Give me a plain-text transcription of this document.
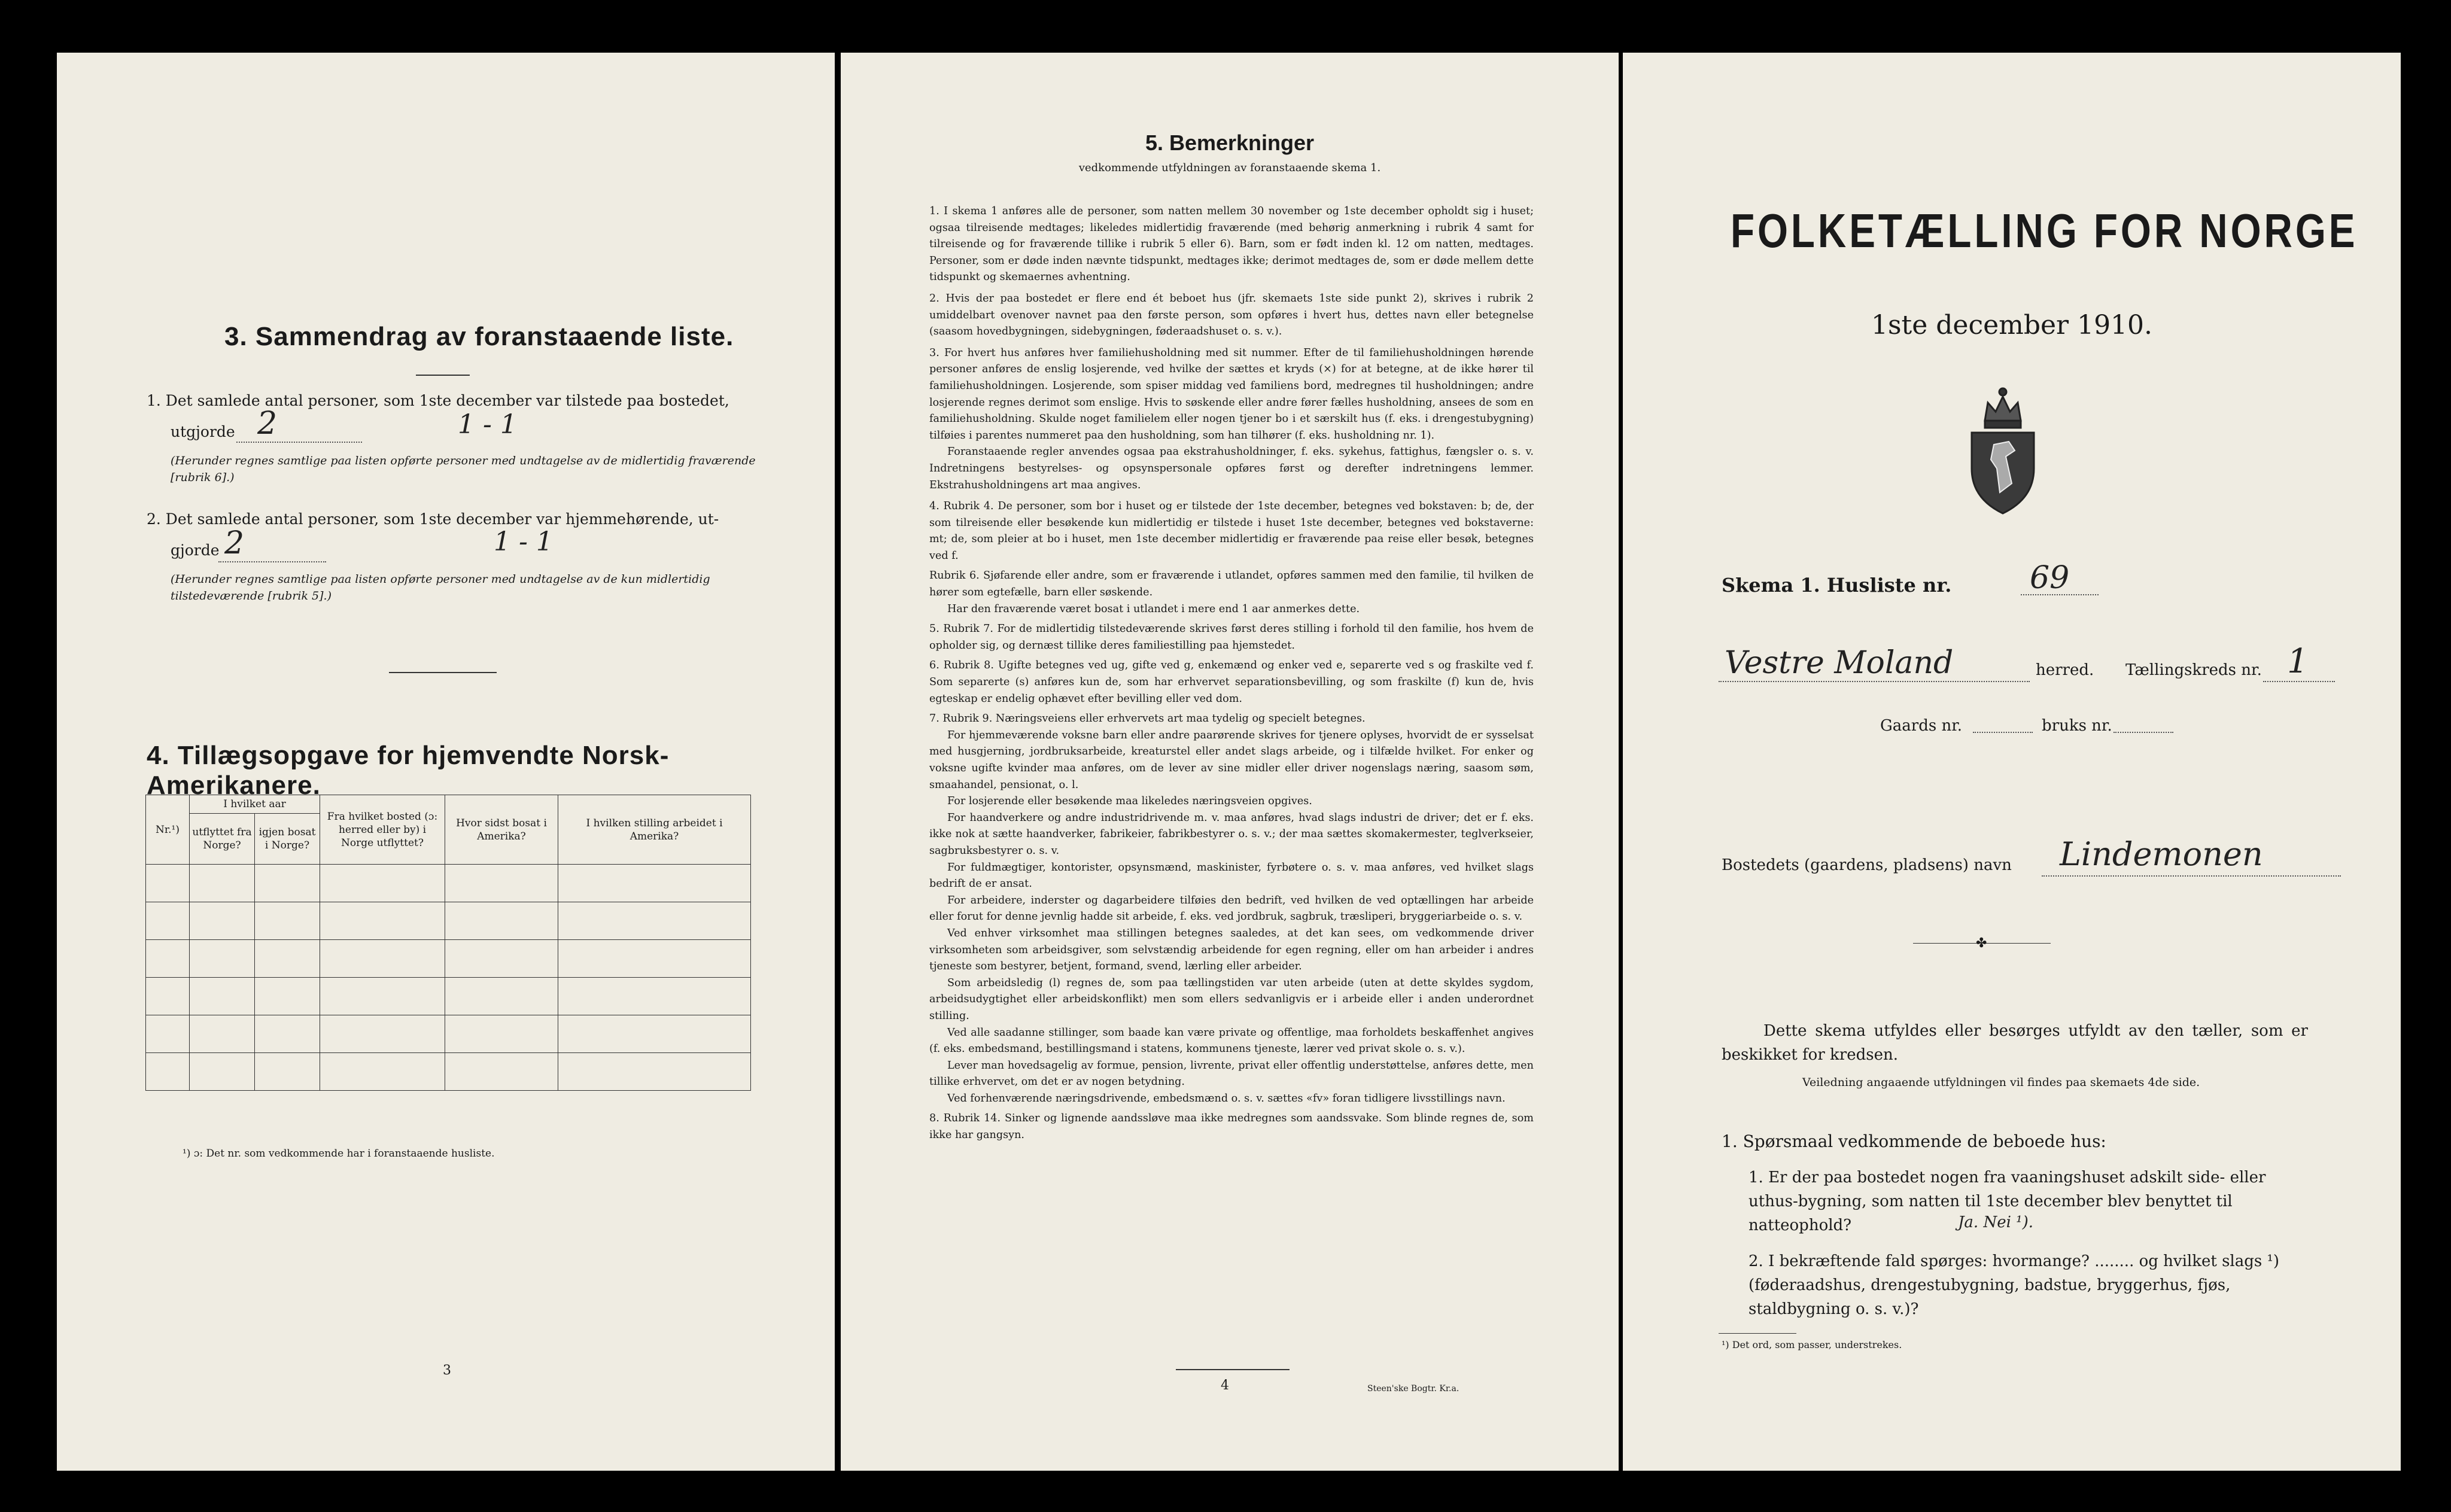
3. Sammendrag av foranstaaende liste.
1. Det samlede antal personer, som 1ste december var tilstede paa bostedet,
utgjorde 2	1 - 1
(Herunder regnes samtlige paa listen opførte personer med undtagelse av de midlertidig fraværende [rubrik 6].)
2. Det samlede antal personer, som 1ste december var hjemmehørende, ut-
gjorde 2	1 - 1
(Herunder regnes samtlige paa listen opførte personer med undtagelse av de kun midlertidig tilstedeværende [rubrik 5].)
4. Tillægsopgave for hjemvendte Norsk-Amerikanere.
Nr.¹)	I hvilket aar		Fra hvilket bosted (ɔ: herred eller by) i Norge utflyttet?	Hvor sidst bosat i Amerika?	I hvilken stilling arbeidet i Amerika?
	utflyttet fra Norge?	igjen bosat i Norge?			

¹) ɔ: Det nr. som vedkommende har i foranstaaende husliste.
3
5. Bemerkninger
vedkommende utfyldningen av foranstaaende skema 1.

1. I skema 1 anføres alle de personer, som natten mellem 30 november og 1ste december opholdt sig i huset; ogsaa tilreisende medtages; likeledes midlertidig fraværende (med behørig anmerkning i rubrik 4 samt for tilreisende og for fraværende tillike i rubrik 5 eller 6). Barn, som er født inden kl. 12 om natten, medtages. Personer, som er døde inden nævnte tidspunkt, medtages ikke; derimot medtages de, som er døde mellem dette tidspunkt og skemaernes avhentning.

2. Hvis der paa bostedet er flere end ét beboet hus (jfr. skemaets 1ste side punkt 2), skrives i rubrik 2 umiddelbart ovenover navnet paa den første person, som opføres i hvert hus, dettes navn eller betegnelse (saasom hovedbygningen, sidebygningen, føderaadshuset o. s. v.).

3. For hvert hus anføres hver familiehusholdning med sit nummer. Efter de til familiehusholdningen hørende personer anføres de enslig losjerende, ved hvilke der sættes et kryds (×) for at betegne, at de ikke hører til familiehusholdningen. Losjerende, som spiser middag ved familiens bord, medregnes til husholdningen; andre losjerende regnes derimot som enslige. Hvis to søskende eller andre fører fælles husholdning, ansees de som en familiehusholdning. Skulde noget familielem eller nogen tjener bo i et særskilt hus (f. eks. i drengestubygning) tilføies i parentes nummeret paa den husholdning, som han tilhører (f. eks. husholdning nr. 1).

Foranstaaende regler anvendes ogsaa paa ekstrahusholdninger, f. eks. sykehus, fattighus, fængsler o. s. v. Indretningens bestyrelses- og opsynspersonale opføres først og derefter indretningens lemmer. Ekstrahusholdningens art maa angives.

4. Rubrik 4. De personer, som bor i huset og er tilstede der 1ste december, betegnes ved bokstaven: b; de, der som tilreisende eller besøkende kun midlertidig er tilstede i huset 1ste december, betegnes ved bokstaverne: mt; de, som pleier at bo i huset, men 1ste december midlertidig er fraværende paa reise eller besøk, betegnes ved f.

Rubrik 6. Sjøfarende eller andre, som er fraværende i utlandet, opføres sammen med den familie, til hvilken de hører som egtefælle, barn eller søskende.

Har den fraværende været bosat i utlandet i mere end 1 aar anmerkes dette.

5. Rubrik 7. For de midlertidig tilstedeværende skrives først deres stilling i forhold til den familie, hos hvem de opholder sig, og dernæst tillike deres familiestilling paa hjemstedet.

6. Rubrik 8. Ugifte betegnes ved ug, gifte ved g, enkemænd og enker ved e, separerte ved s og fraskilte ved f. Som separerte (s) anføres kun de, som har erhvervet separationsbevilling, og som fraskilte (f) kun de, hvis egteskap er endelig ophævet efter bevilling eller ved dom.

7. Rubrik 9. Næringsveiens eller erhvervets art maa tydelig og specielt betegnes.

For hjemmeværende voksne barn eller andre paarørende skrives for tjenere oplyses, hvorvidt de er sysselsat med husgjerning, jordbruksarbeide, kreaturstel eller andet slags arbeide, og i tilfælde hvilket. For enker og voksne ugifte kvinder maa anføres, om de lever av sine midler eller driver nogenslags næring, saasom søm, smaahandel, pensionat, o. l.

For losjerende eller besøkende maa likeledes næringsveien opgives.

For haandverkere og andre industridrivende m. v. maa anføres, hvad slags industri de driver; det er f. eks. ikke nok at sætte haandverker, fabrikeier, fabrikbestyrer o. s. v.; der maa sættes skomakermester, teglverkseier, sagbruksbestyrer o. s. v.

For fuldmægtiger, kontorister, opsynsmænd, maskinister, fyrbøtere o. s. v. maa anføres, ved hvilket slags bedrift de er ansat.

For arbeidere, inderster og dagarbeidere tilføies den bedrift, ved hvilken de ved optællingen har arbeide eller forut for denne jevnlig hadde sit arbeide, f. eks. ved jordbruk, sagbruk, træsliperi, bryggeriarbeide o. s. v.

Ved enhver virksomhet maa stillingen betegnes saaledes, at det kan sees, om vedkommende driver virksomheten som arbeidsgiver, som selvstændig arbeidende for egen regning, eller om han arbeider i andres tjeneste som bestyrer, betjent, formand, svend, lærling eller arbeider.

Som arbeidsledig (l) regnes de, som paa tællingstiden var uten arbeide (uten at dette skyldes sygdom, arbeidsudygtighet eller arbeidskonflikt) men som ellers sedvanligvis er i arbeide eller i anden underordnet stilling.

Ved alle saadanne stillinger, som baade kan være private og offentlige, maa forholdets beskaffenhet angives (f. eks. embedsmand, bestillingsmand i statens, kommunens tjeneste, lærer ved privat skole o. s. v.).

Lever man hovedsagelig av formue, pension, livrente, privat eller offentlig understøttelse, anføres dette, men tillike erhvervet, om det er av nogen betydning.

Ved forhenværende næringsdrivende, embedsmænd o. s. v. sættes «fv» foran tidligere livsstillings navn.

8. Rubrik 14. Sinker og lignende aandssløve maa ikke medregnes som aandssvake. Som blinde regnes de, som ikke har gangsyn.

4	Steen'ske Bogtr. Kr.a.
FOLKETÆLLING FOR NORGE
1ste december 1910.
Skema 1. Husliste nr.	69
Vestre Moland	herred. Tællingskreds nr. 1
Gaards nr.	bruks nr.
Bostedets (gaardens, pladsens) navn Lindemonen
✤
Dette skema utfyldes eller besørges utfyldt av den tæller, som er beskikket for kredsen.
Veiledning angaaende utfyldningen vil findes paa skemaets 4de side.
1. Spørsmaal vedkommende de beboede hus:
1. Er der paa bostedet nogen fra vaaningshuset adskilt side- eller uthus-bygning, som natten til 1ste december blev benyttet til natteophold?	Ja. Nei ¹).
2. I bekræftende fald spørges: hvormange? ........ og hvilket slags ¹) (føderaadshus, drengestubygning, badstue, bryggerhus, fjøs, staldbygning o. s. v.)?
¹) Det ord, som passer, understrekes.
